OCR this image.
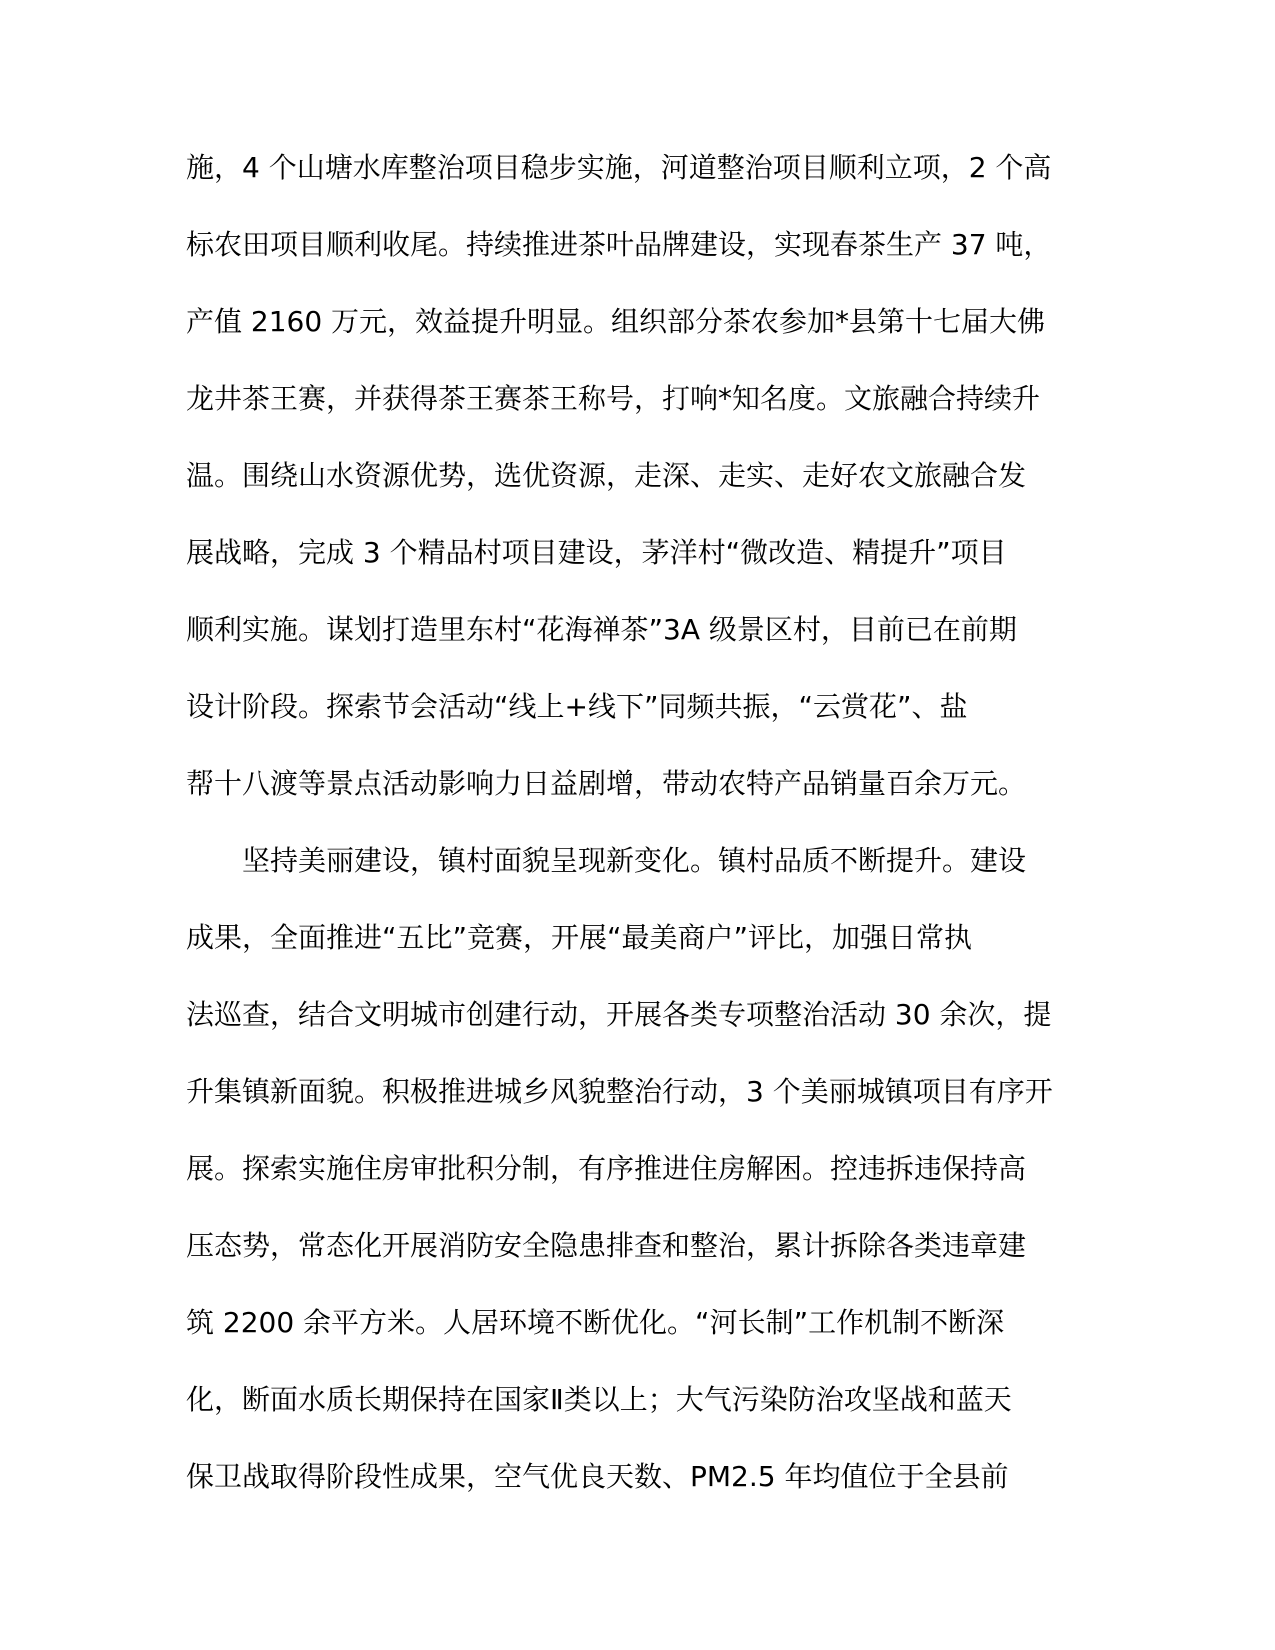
施，4 个山塘水库整治项目稳步实施，河道整治项目顺利立项，2 个高
标农田项目顺利收尾。持续推进茶叶品牌建设，实现春茶生产 37 吨，
产值 2160 万元，效益提升明显。组织部分茶农参加*县第十七届大佛
龙井茶王赛，并获得茶王赛茶王称号，打响*知名度。文旅融合持续升
温。围绕山水资源优势，选优资源，走深、走实、走好农文旅融合发
展战略，完成 3 个精品村项目建设，茅洋村“微改造、精提升”项目
顺利实施。谋划打造里东村“花海禅茶”3A 级景区村，目前已在前期
设计阶段。探索节会活动“线上+线下”同频共振，“云赏花”、盐
帮十八渡等景点活动影响力日益剧增，带动农特产品销量百余万元。
坚持美丽建设，镇村面貌呈现新变化。镇村品质不断提升。建设
成果，全面推进“五比”竞赛，开展“最美商户”评比，加强日常执
法巡查，结合文明城市创建行动，开展各类专项整治活动 30 余次，提
升集镇新面貌。积极推进城乡风貌整治行动，3 个美丽城镇项目有序开
展。探索实施住房审批积分制，有序推进住房解困。控违拆违保持高
压态势，常态化开展消防安全隐患排查和整治，累计拆除各类违章建
筑 2200 余平方米。人居环境不断优化。“河长制”工作机制不断深
化，断面水质长期保持在国家Ⅱ类以上；大气污染防治攻坚战和蓝天
保卫战取得阶段性成果，空气优良天数、PM2.5 年均值位于全县前
